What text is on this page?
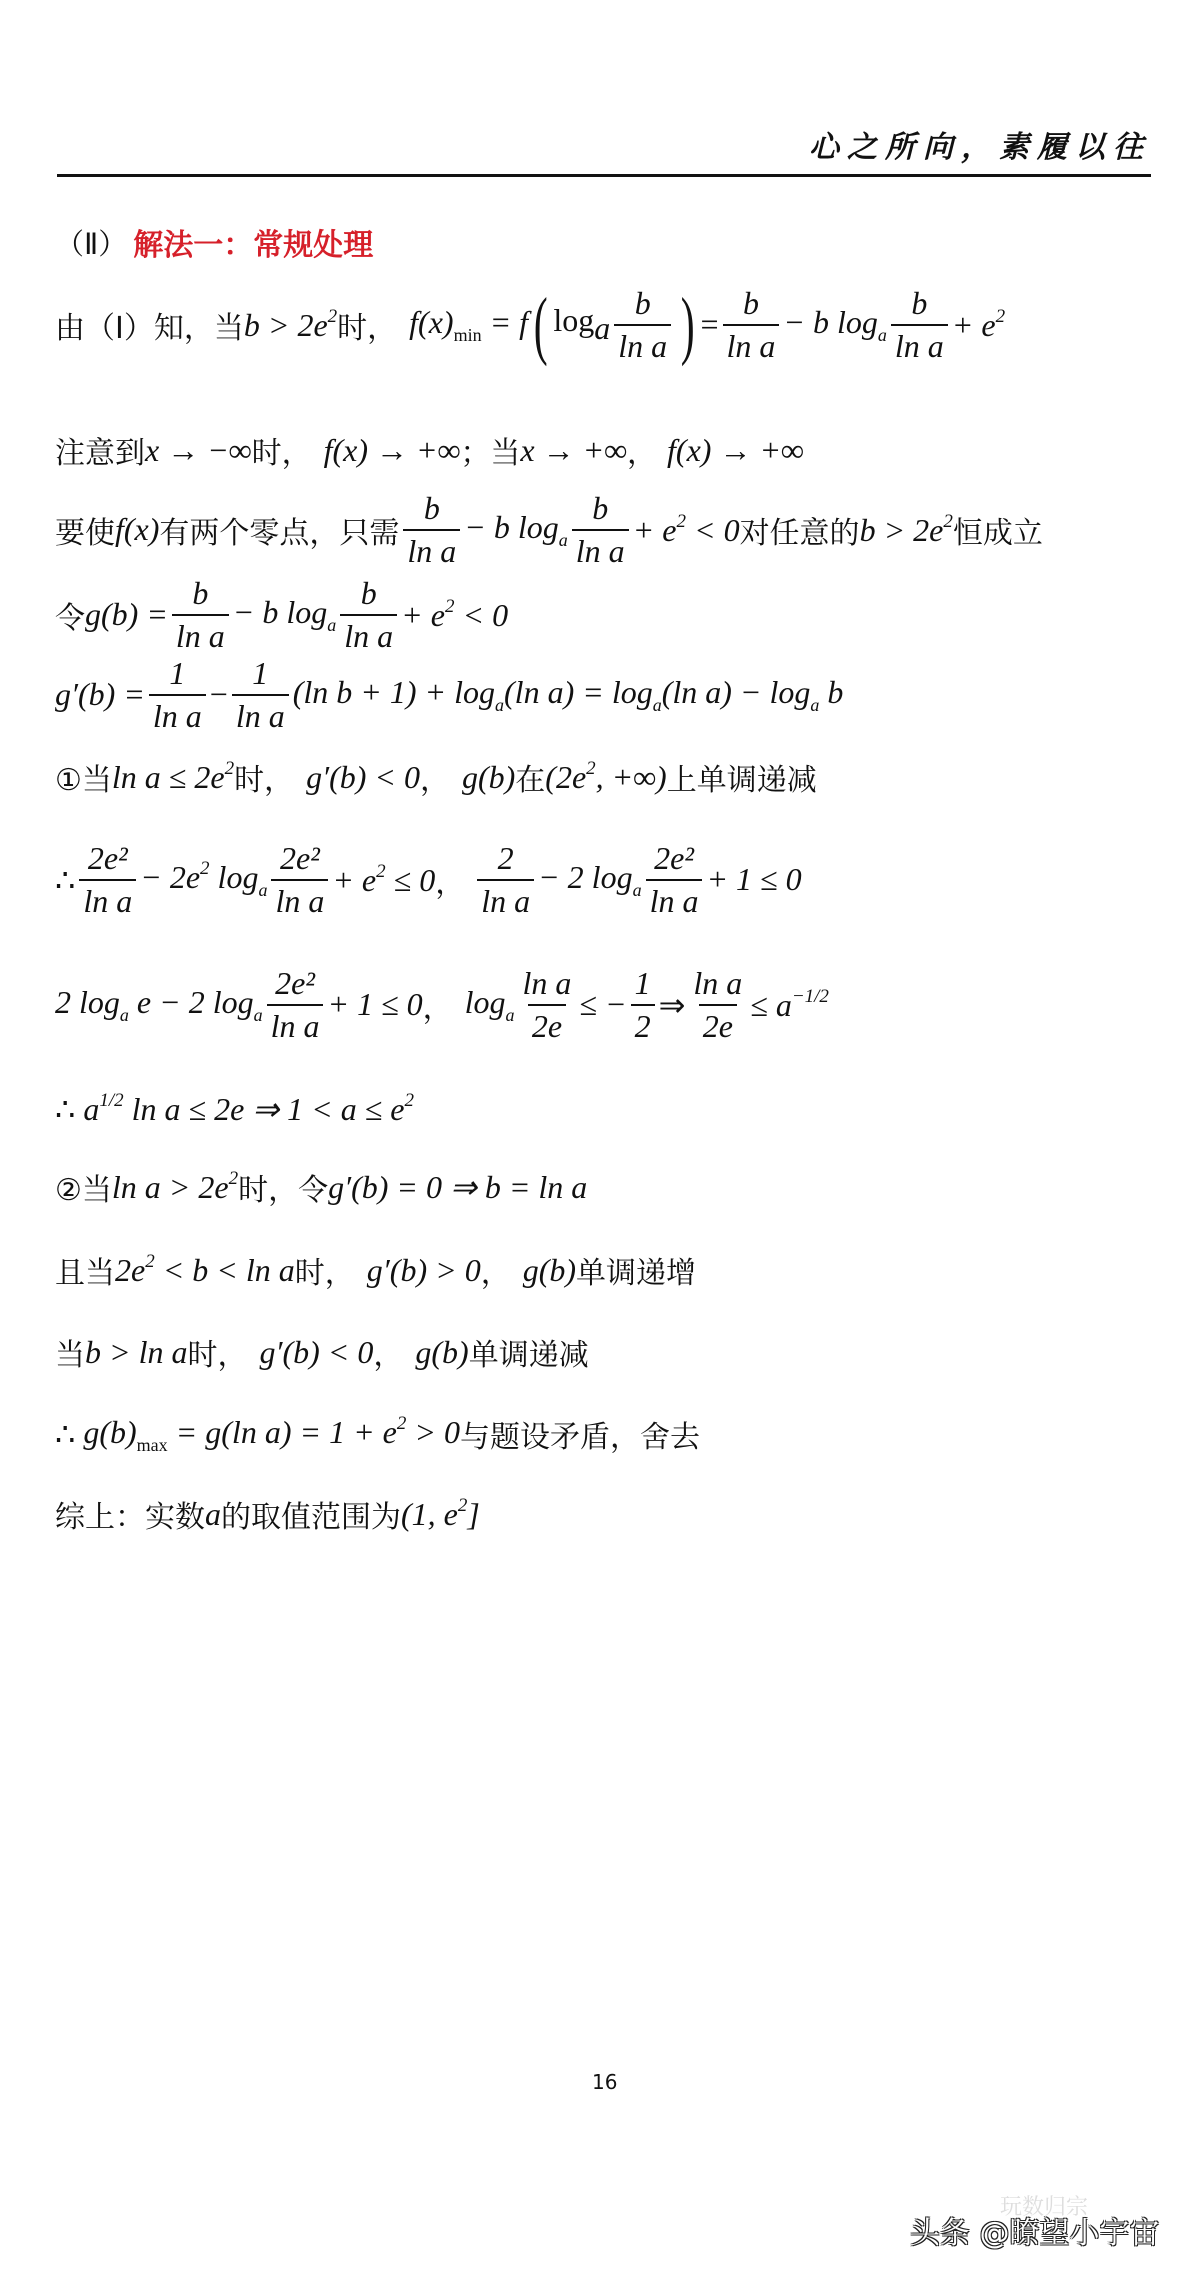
心之所向，素履以往
（Ⅱ） 解法一：常规处理
由（Ⅰ）知，当 $b > 2e^2$ 时， $f(x)_{min} = f$ ( $\log_a \frac{b}{\text{ln a}}$ ) = $\frac{b}{\text{ln a}} - b$ $\log_a \frac{b}{\text{ln a}} + e^2$
注意到 x → −∞ 时， f(x) → +∞ ；当 x → +∞ ， f(x) → +∞
要使 f(x) 有两个零点，只需 $\frac{b}{\text{ln a}} - b$ $\log_a \frac{b}{\text{ln a}} + e^2 < 0$ 对任意的 $b > 2e^2$ 恒成立
令 $g(b) = \frac{b}{\text{ln a}} - b$ $\log_a \frac{b}{\text{ln a}} + e^2 < 0$
$g'(b) = \frac{1}{\text{ln a}} - \frac{1}{\text{ln a}} (\ln$ $b + 1) + \log_a(\ln$ $a) = \log_a(\ln$ $a) - \log_a b$
①当 $\ln a \le 2e^2$ 时， g′(b) < 0 ， g(b) 在 ($2e^2$, +∞) 上单调递减
∴ $\frac{\text{2e²}}{\text{ln a}} - 2e^2$ $\log_a \frac{\text{2e²}}{\text{ln a}} + e^2 \le 0$ ， $\frac{2}{\text{ln a}} - 2$ $\log_a \frac{\text{2e²}}{\text{ln a}} + 1 \le 0$
2 $\log_a e - 2$ $\log_a \frac{\text{2e²}}{\text{ln a}} + 1 \le 0$ ， $\log_a \frac{\text{ln a}}{2e}$ ≤ − $\frac{1}{2}$ ⇒ $\frac{\text{ln a}}{2e} \le a^{-1/2}$
∴ $a^{1/2}$ ln a ≤ 2e ⇒ $1 < a \le e^2$
②当 $\ln a > 2e^2$ 时，令 g′(b) = 0 ⇒ b = ln a
且当 $2e^2 < b < \ln a$ 时， g′(b) > 0 ， g(b) 单调递增
当 b > ln a 时， g′(b) < 0 ， g(b) 单调递减
∴ $g(b)_{max} = g(\ln$ $a) = 1 + e^2 > 0$ 与题设矛盾，舍去
综上：实数 a 的取值范围为 (1, $e^2$]
16
玩数归宗
头条 @瞭望小宇宙
